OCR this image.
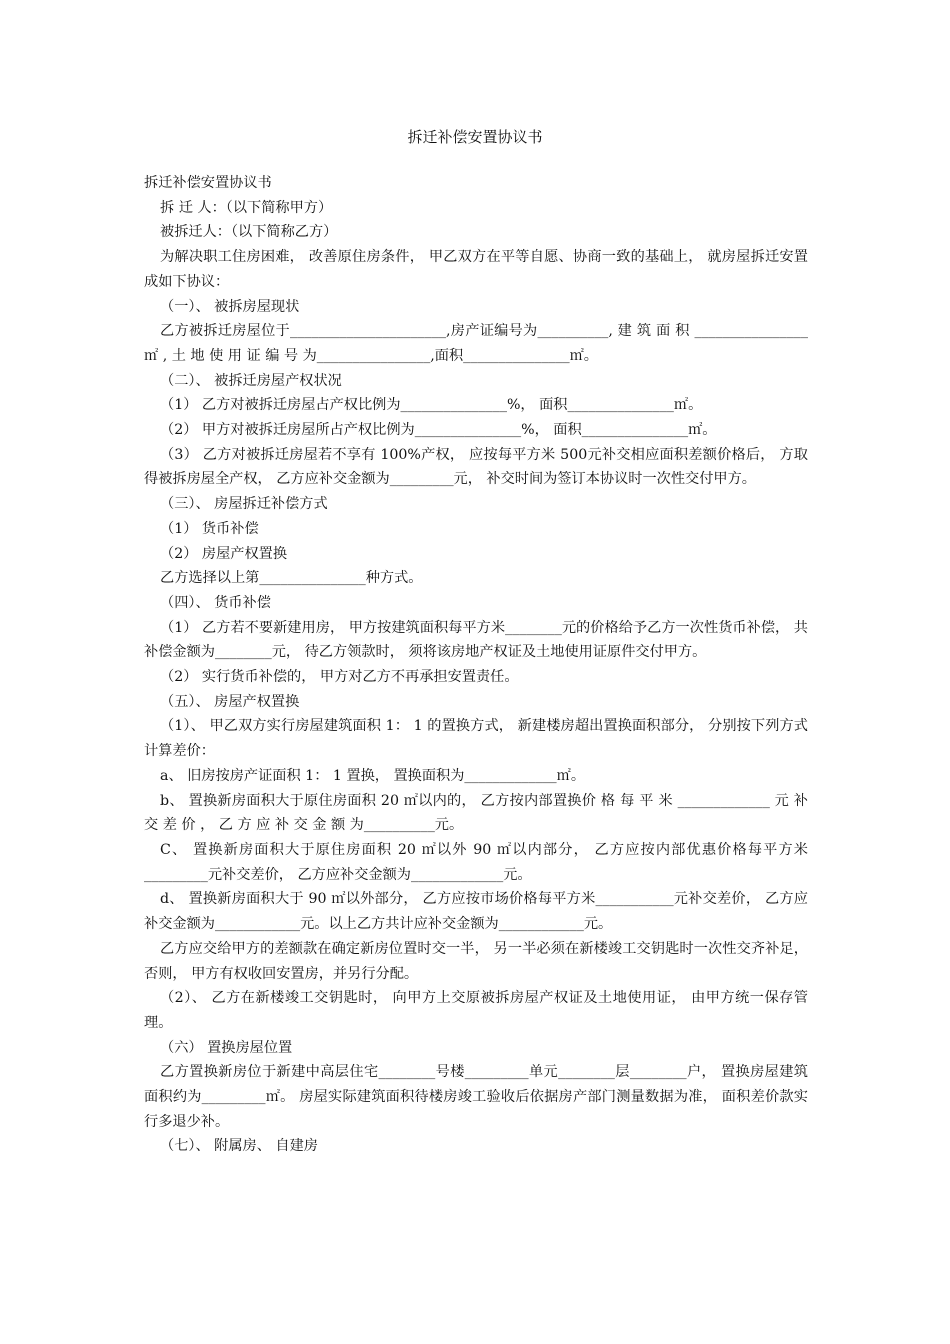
拆迁补偿安置协议书

拆迁补偿安置协议书

拆 迁 人：（以下简称甲方）

被拆迁人：（以下简称乙方）

为解决职工住房困难， 改善原住房条件， 甲乙双方在平等自愿、协商一致的基础上， 就房屋拆迁安置成如下协议：

（一）、 被拆房屋现状

乙方被拆迁房屋位于______________________,房产证编号为__________, 建 筑 面 积 ________________ ㎡ , 土 地 使 用 证 编 号 为________________,面积_______________㎡。

（二）、 被拆迁房屋产权状况

（1） 乙方对被拆迁房屋占产权比例为_______________%， 面积_______________㎡。

（2） 甲方对被拆迁房屋所占产权比例为_______________%， 面积_______________㎡。

（3） 乙方对被拆迁房屋若不享有 100%产权， 应按每平方米 500元补交相应面积差额价格后， 方取得被拆房屋全产权， 乙方应补交金额为_________元， 补交时间为签订本协议时一次性交付甲方。

（三）、 房屋拆迁补偿方式

（1） 货币补偿

（2） 房屋产权置换

乙方选择以上第_______________种方式。

（四）、 货币补偿

（1） 乙方若不要新建用房， 甲方按建筑面积每平方米________元的价格给予乙方一次性货币补偿， 共补偿金额为________元， 待乙方领款时， 须将该房地产权证及土地使用证原件交付甲方。

（2） 实行货币补偿的， 甲方对乙方不再承担安置责任。

（五）、 房屋产权置换

（1）、 甲乙双方实行房屋建筑面积 1： 1 的置换方式， 新建楼房超出置换面积部分， 分别按下列方式计算差价：

a、 旧房按房产证面积 1： 1 置换， 置换面积为_____________㎡。

b、 置换新房面积大于原住房面积 20 ㎡以内的， 乙方按内部置换价 格 每 平 米 _____________ 元 补 交 差 价 ， 乙 方 应 补 交 金 额 为__________元。

C、 置换新房面积大于原住房面积 20 ㎡以外 90 ㎡以内部分， 乙方应按内部优惠价格每平方米_________元补交差价， 乙方应补交金额为_____________元。

d、 置换新房面积大于 90 ㎡以外部分， 乙方应按市场价格每平方米___________元补交差价， 乙方应补交金额为____________元。以上乙方共计应补交金额为____________元。

乙方应交给甲方的差额款在确定新房位置时交一半， 另一半必须在新楼竣工交钥匙时一次性交齐补足， 否则， 甲方有权收回安置房，并另行分配。

（2）、 乙方在新楼竣工交钥匙时， 向甲方上交原被拆房屋产权证及土地使用证， 由甲方统一保存管理。

（六） 置换房屋位置

乙方置换新房位于新建中高层住宅________号楼_________单元________层________户， 置换房屋建筑面积约为_________㎡。 房屋实际建筑面积待楼房竣工验收后依据房产部门测量数据为准， 面积差价款实行多退少补。

（七）、 附属房、 自建房
